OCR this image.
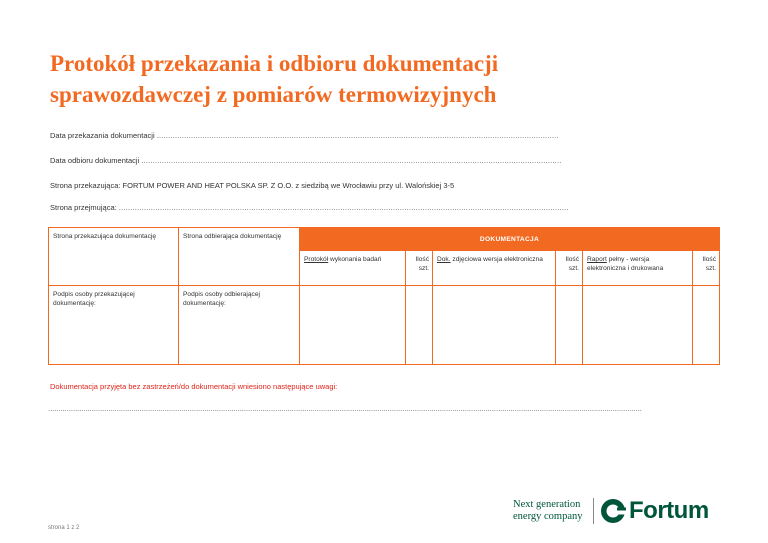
Protokół przekazania i odbioru dokumentacji
sprawozdawczej z pomiarów termowizyjnych
Data przekazania dokumentacji ................................................................................................................................................................................
Data odbioru dokumentacji ........................................................................................................................................................................................
Strona przekazująca: FORTUM POWER AND HEAT POLSKA SP. Z O.O. z siedzibą we Wrocławiu przy ul. Walońskiej 3-5
Strona przejmująca: .....................................................................................................................................................................................................
Strona przekazująca dokumentację	Strona odbierająca dokumentację	DOKUMENTACJA					
		Protokół wykonania badań	Ilość szt.	Dok. zdjęciowa wersja elektroniczna	Ilość szt.	Raport pełny - wersja elektroniczna i drukowana	Ilość szt.
Podpis osoby przekazującej dokumentację:	Podpis osoby odbierającej dokumentację:						
Dokumentacja przyjęta bez zastrzeżeń/do dokumentacji wniesiono następujące uwagi:
.............................................................................................................................................................................................................................................................................................
strona 1 z 2
Next generation
energy company Fortum
